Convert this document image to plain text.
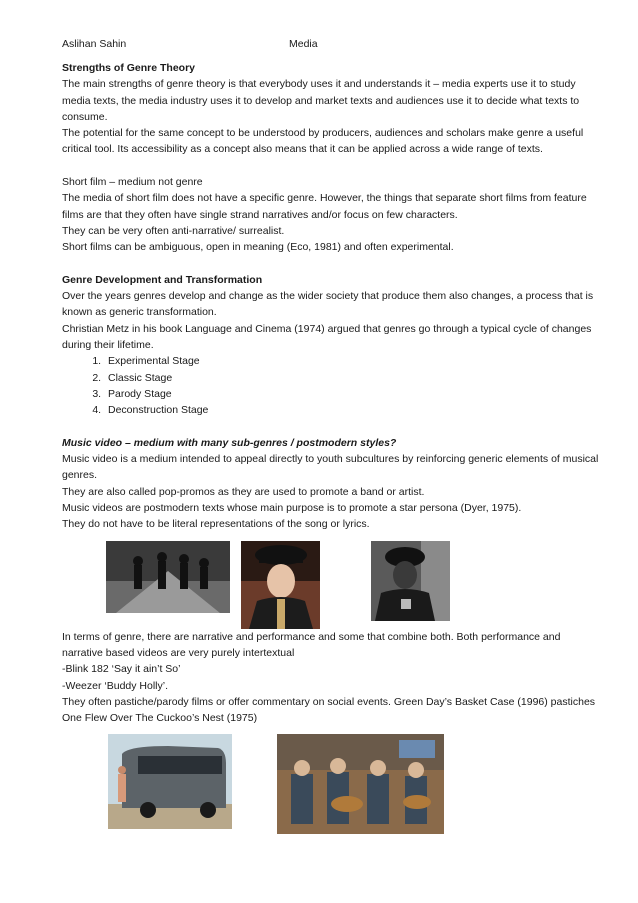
Aslihan Sahin	Media

Strengths of Genre Theory

The main strengths of genre theory is that everybody uses it and understands it – media experts use it to study media texts, the media industry uses it to develop and market texts and audiences use it to decide what texts to consume.

The potential for the same concept to be understood by producers, audiences and scholars make genre a useful critical tool. Its accessibility as a concept also means that it can be applied across a wide range of texts.

Short film – medium not genre

The media of short film does not have a specific genre. However, the things that separate short films from feature films are that they often have single strand narratives and/or focus on few characters.

They can be very often anti-narrative/ surrealist.

Short films can be ambiguous, open in meaning (Eco, 1981) and often experimental.

Genre Development and Transformation

Over the years genres develop and change as the wider society that produce them also changes, a process that is known as generic transformation.

Christian Metz in his book Language and Cinema (1974) argued that genres go through a typical cycle of changes during their lifetime.

1. Experimental Stage
2. Classic Stage
3. Parody Stage
4. Deconstruction Stage

Music video – medium with many sub-genres / postmodern styles?

Music video is a medium intended to appeal directly to youth subcultures by reinforcing generic elements of musical genres.

They are also called pop-promos as they are used to promote a band or artist.

Music videos are postmodern texts whose main purpose is to promote a star persona (Dyer, 1975).

They do not have to be literal representations of the song or lyrics.

In terms of genre, there are narrative and performance and some that combine both. Both performance and narrative based videos are very purely intertextual

-Blink 182 ‘Say it ain’t So’

-Weezer ‘Buddy Holly’.

They often pastiche/parody films or offer commentary on social events. Green Day’s Basket Case (1996) pastiches One Flew Over The Cuckoo’s Nest (1975)
